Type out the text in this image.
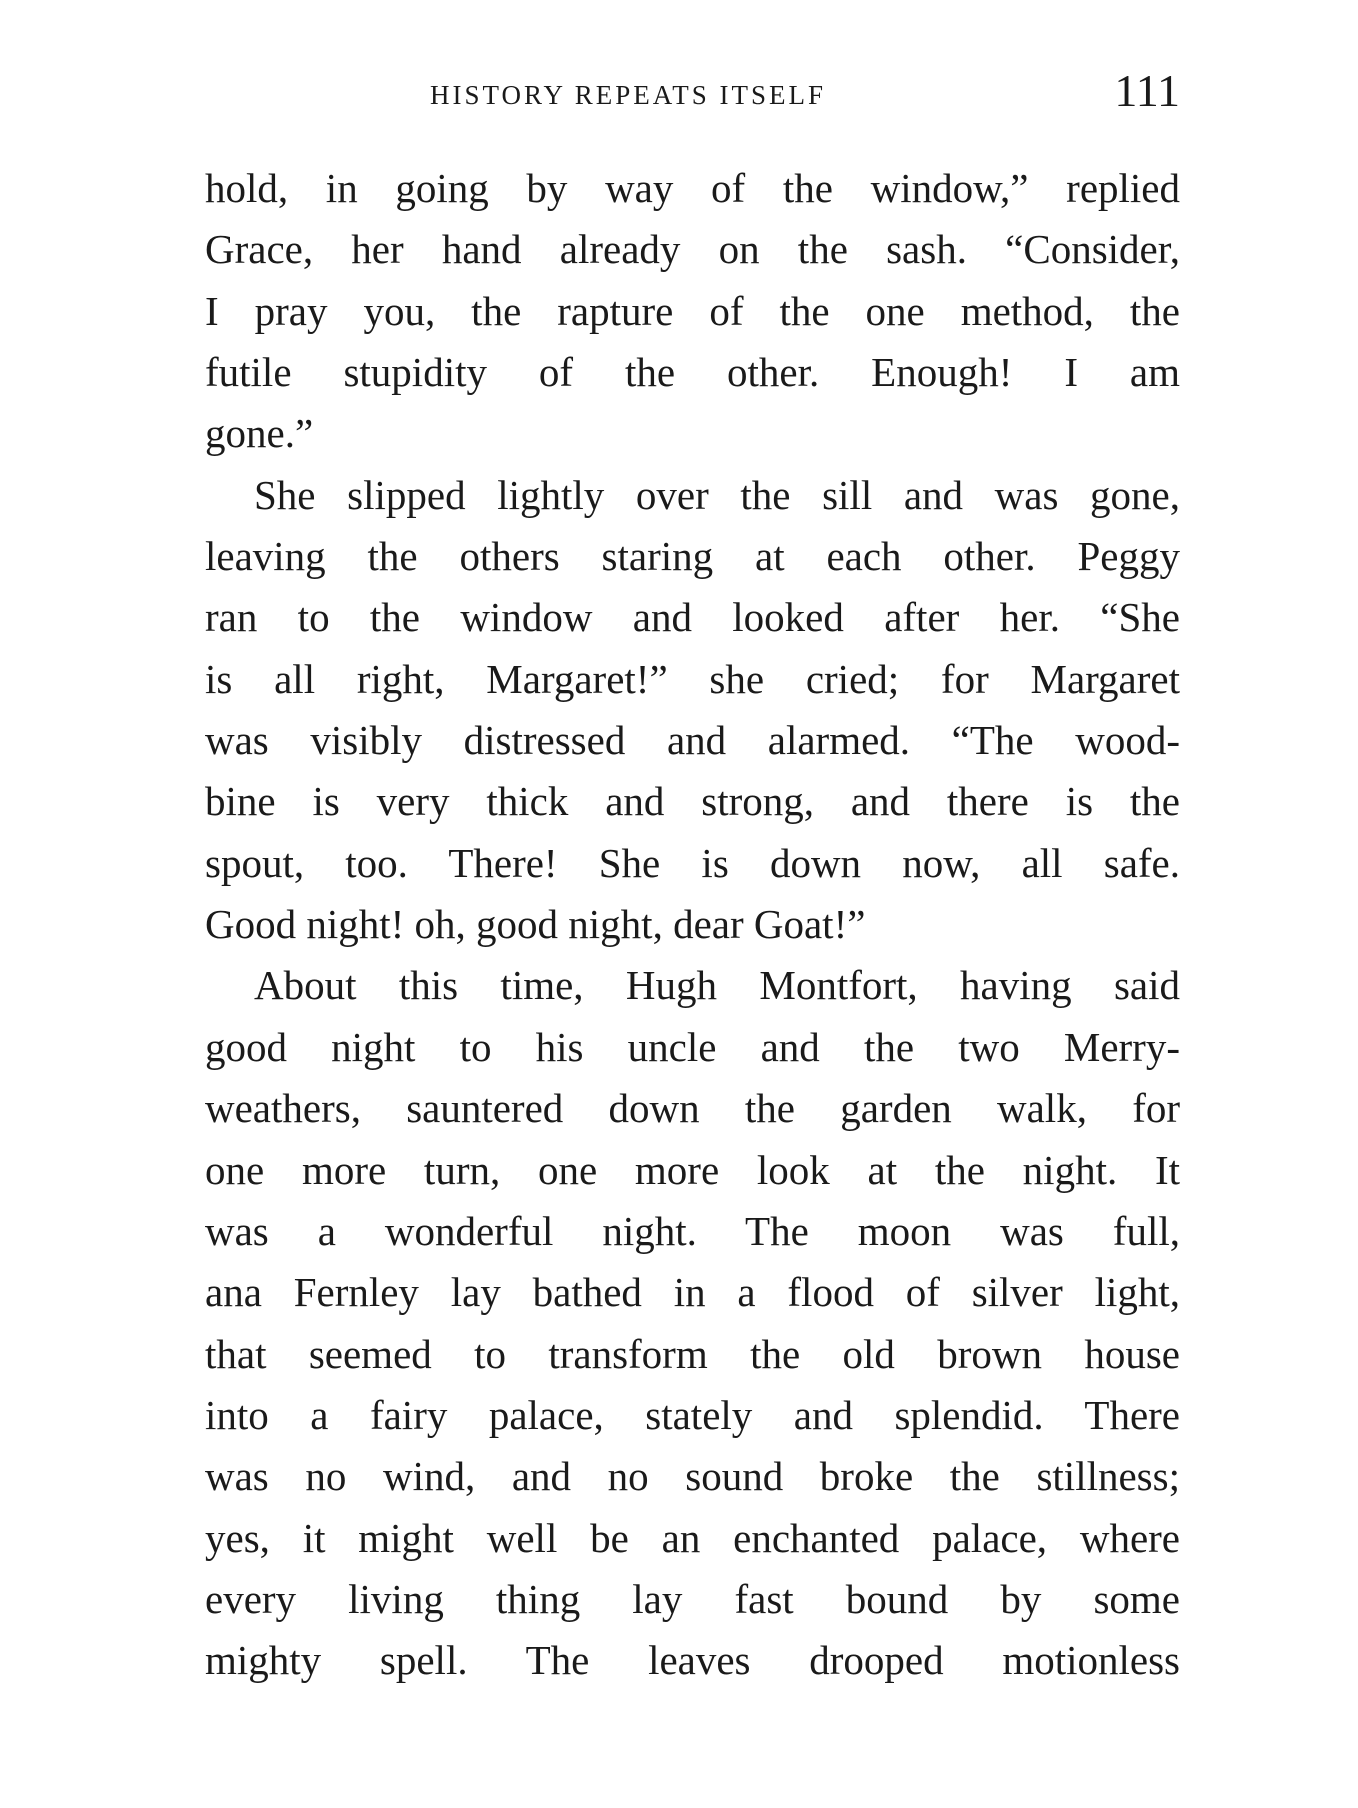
HISTORY REPEATS ITSELF	111

hold, in going by way of the window,” replied
Grace, her hand already on the sash. “Consider,
I pray you, the rapture of the one method, the
futile stupidity of the other. Enough! I am
gone.”

She slipped lightly over the sill and was gone,
leaving the others staring at each other. Peggy
ran to the window and looked after her. “She
is all right, Margaret!” she cried; for Margaret
was visibly distressed and alarmed. “The wood-
bine is very thick and strong, and there is the
spout, too. There! She is down now, all safe.
Good night! oh, good night, dear Goat!”

About this time, Hugh Montfort, having said
good night to his uncle and the two Merry-
weathers, sauntered down the garden walk, for
one more turn, one more look at the night. It
was a wonderful night. The moon was full,
ana Fernley lay bathed in a flood of silver light,
that seemed to transform the old brown house
into a fairy palace, stately and splendid. There
was no wind, and no sound broke the stillness;
yes, it might well be an enchanted palace, where
every living thing lay fast bound by some
mighty spell. The leaves drooped motionless
